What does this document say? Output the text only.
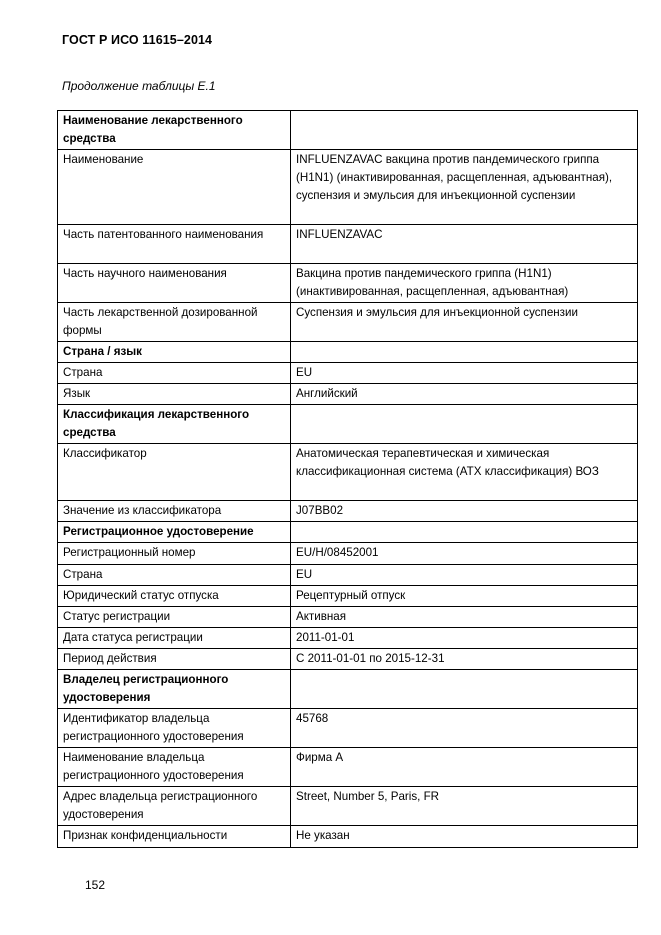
ГОСТ Р ИСО 11615–2014
Продолжение таблицы Е.1
Наименование лекарственного средства	
Наименование	INFLUENZAVAC вакцина против пандемического гриппа (H1N1) (инактивированная, расщепленная, адъювантная), суспензия и эмульсия для инъекционной суспензии
Часть патентованного наименования	INFLUENZAVAC
Часть научного наименования	Вакцина против пандемического гриппа (H1N1) (инактивированная, расщепленная, адъювантная)
Часть лекарственной дозированной формы	Суспензия и эмульсия для инъекционной суспензии
Страна / язык	
Страна	EU
Язык	Английский
Классификация лекарственного средства	
Классификатор	Анатомическая терапевтическая и химическая классификационная система (ATX классификация) ВОЗ
Значение из классификатора	J07BB02
Регистрационное удостоверение	
Регистрационный номер	EU/H/08452001
Страна	EU
Юридический статус отпуска	Рецептурный отпуск
Статус регистрации	Активная
Дата статуса регистрации	2011-01-01
Период действия	С 2011-01-01 по 2015-12-31
Владелец регистрационного удостоверения	
Идентификатор владельца регистрационного удостоверения	45768
Наименование владельца регистрационного удостоверения	Фирма А
Адрес владельца регистрационного удостоверения	Street, Number 5, Paris, FR
Признак конфиденциальности	Не указан
152
